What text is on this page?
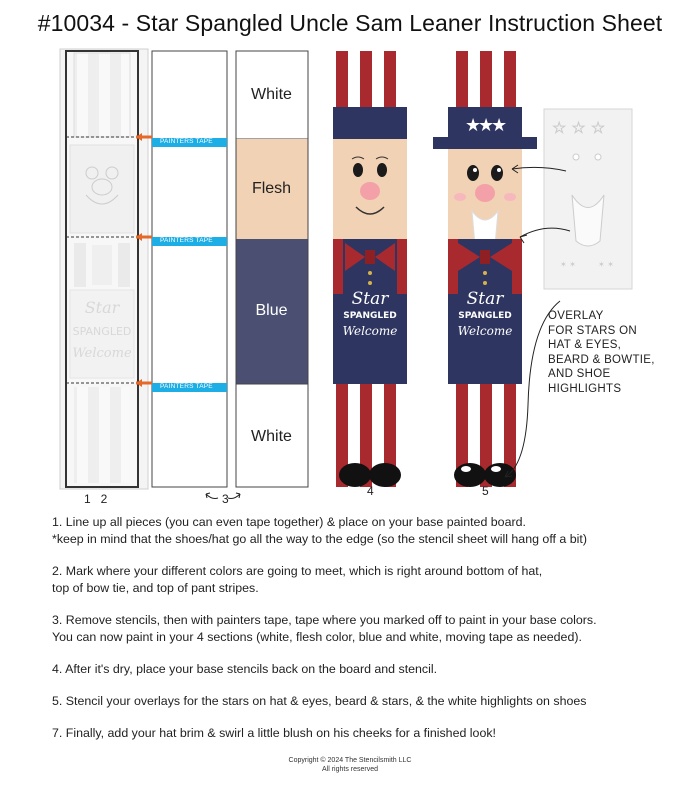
#10034 - Star Spangled Uncle Sam Leaner Instruction Sheet
Star
SPANGLED
Welcome
★
★
★	☆ ☆ ☆
✶ ✶	✶ ✶
PAINTERS TAPE
PAINTERS TAPE
PAINTERS TAPE
White
Flesh
Blue
White
Star
SPANGLED
Welcome
Star
SPANGLED
Welcome
1   2	3
4	5
OVERLAY
FOR STARS ON
HAT & EYES,
BEARD & BOWTIE,
AND SHOE
HIGHLIGHTS
1. Line up all pieces (you can even tape together) & place on your base painted board.
*keep in mind that the shoes/hat go all the way to the edge (so the stencil sheet will hang off a bit)
2. Mark where your different colors are going to meet, which is right around bottom of hat,
top of bow tie, and top of pant stripes.
3. Remove stencils, then with painters tape, tape where you marked off to paint in your base colors.
You can now paint in your 4 sections (white, flesh color, blue and white, moving tape as needed).
4. After it's dry, place your base stencils back on the board and stencil.
5. Stencil your overlays for the stars on hat & eyes, beard & stars, & the white highlights on shoes
7. Finally, add your hat brim & swirl a little blush on his cheeks for a finished look!
Copyright © 2024 The Stencilsmith LLC
All rights reserved
